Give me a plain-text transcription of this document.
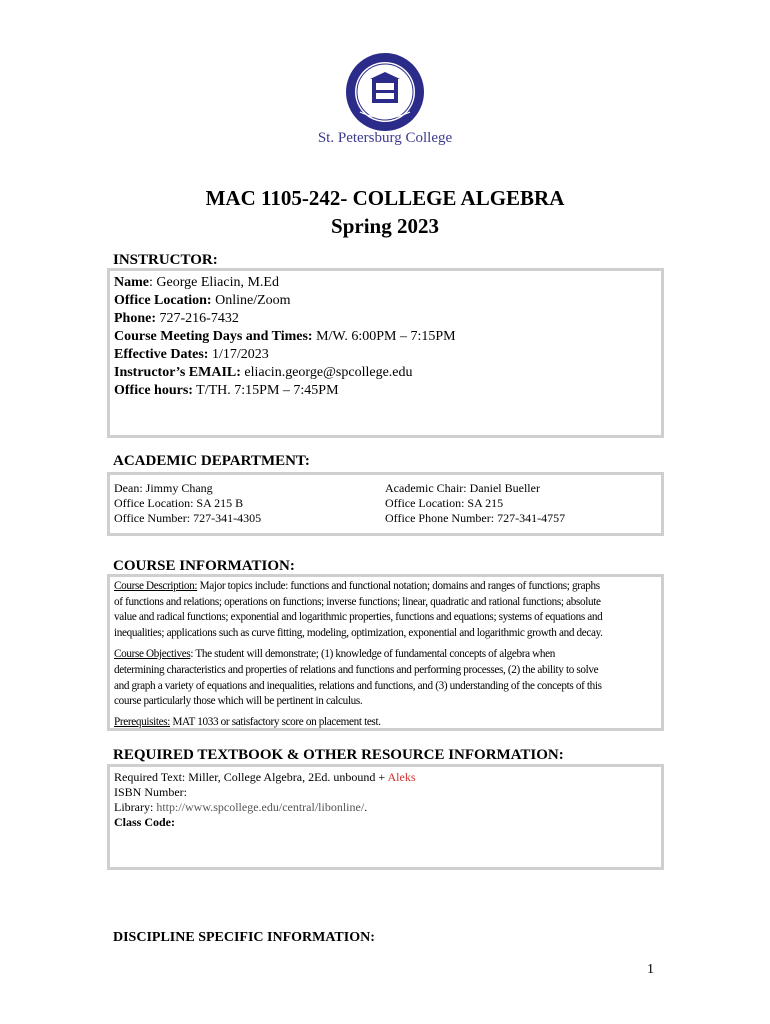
St. Petersburg College
MAC 1105-242- COLLEGE ALGEBRA
Spring 2023
INSTRUCTOR:
Name: George Eliacin, M.Ed
Office Location: Online/Zoom
Phone: 727-216-7432
Course Meeting Days and Times: M/W. 6:00PM – 7:15PM
Effective Dates: 1/17/2023
Instructor’s EMAIL: eliacin.george@spcollege.edu
Office hours: T/TH. 7:15PM – 7:45PM
ACADEMIC DEPARTMENT:
Dean: Jimmy Chang
Office Location: SA 215 B
Office Number: 727-341-4305
Academic Chair: Daniel Bueller
Office Location: SA 215
Office Phone Number: 727-341-4757
COURSE INFORMATION:
Course Description: Major topics include: functions and functional notation; domains and ranges of functions; graphs
of functions and relations; operations on functions; inverse functions; linear, quadratic and rational functions; absolute
value and radical functions; exponential and logarithmic properties, functions and equations; systems of equations and
inequalities; applications such as curve fitting, modeling, optimization, exponential and logarithmic growth and decay.
Course Objectives: The student will demonstrate; (1) knowledge of fundamental concepts of algebra when
determining characteristics and properties of relations and functions and performing processes, (2) the ability to solve
and graph a variety of equations and inequalities, relations and functions, and (3) understanding of the concepts of this
course particularly those which will be pertinent in calculus.
Prerequisites: MAT 1033 or satisfactory score on placement test.
REQUIRED TEXTBOOK & OTHER RESOURCE INFORMATION:
Required Text: Miller, College Algebra, 2Ed. unbound + Aleks
ISBN Number:
Library: http://www.spcollege.edu/central/libonline/.
Class Code:
DISCIPLINE SPECIFIC INFORMATION:
1
